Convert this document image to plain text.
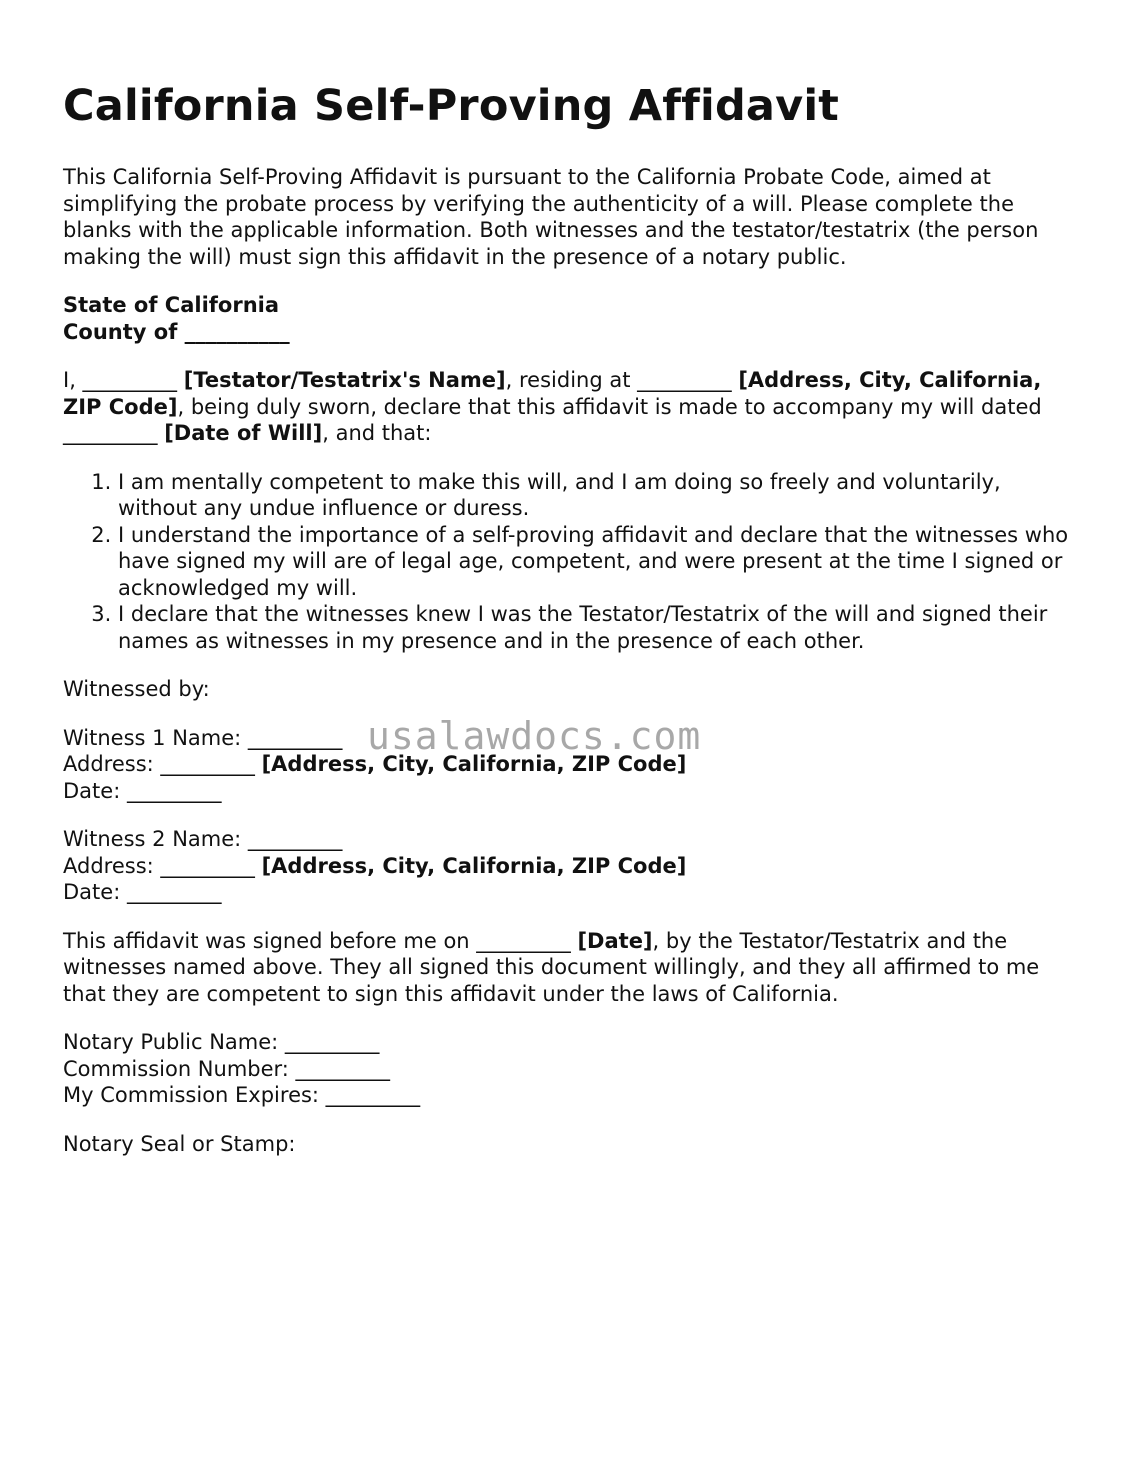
California Self-Proving Affidavit

This California Self-Proving Affidavit is pursuant to the California Probate Code, aimed at simplifying the probate process by verifying the authenticity of a will. Please complete the blanks with the applicable information. Both witnesses and the testator/testatrix (the person making the will) must sign this affidavit in the presence of a notary public.

State of California
County of __________

I, _________ [Testator/Testatrix's Name], residing at _________ [Address, City, California, ZIP Code], being duly sworn, declare that this affidavit is made to accompany my will dated _________ [Date of Will], and that:

1. I am mentally competent to make this will, and I am doing so freely and voluntarily, without any undue influence or duress.
2. I understand the importance of a self-proving affidavit and declare that the witnesses who have signed my will are of legal age, competent, and were present at the time I signed or acknowledged my will.
3. I declare that the witnesses knew I was the Testator/Testatrix of the will and signed their names as witnesses in my presence and in the presence of each other.

Witnessed by:

Witness 1 Name: _________
Address: _________ [Address, City, California, ZIP Code]
Date: _________
Witness 2 Name: _________
Address: _________ [Address, City, California, ZIP Code]
Date: _________

This affidavit was signed before me on _________ [Date], by the Testator/Testatrix and the witnesses named above. They all signed this document willingly, and they all affirmed to me that they are competent to sign this affidavit under the laws of California.

Notary Public Name: _________
Commission Number: _________
My Commission Expires: _________

Notary Seal or Stamp:

usalawdocs.com
